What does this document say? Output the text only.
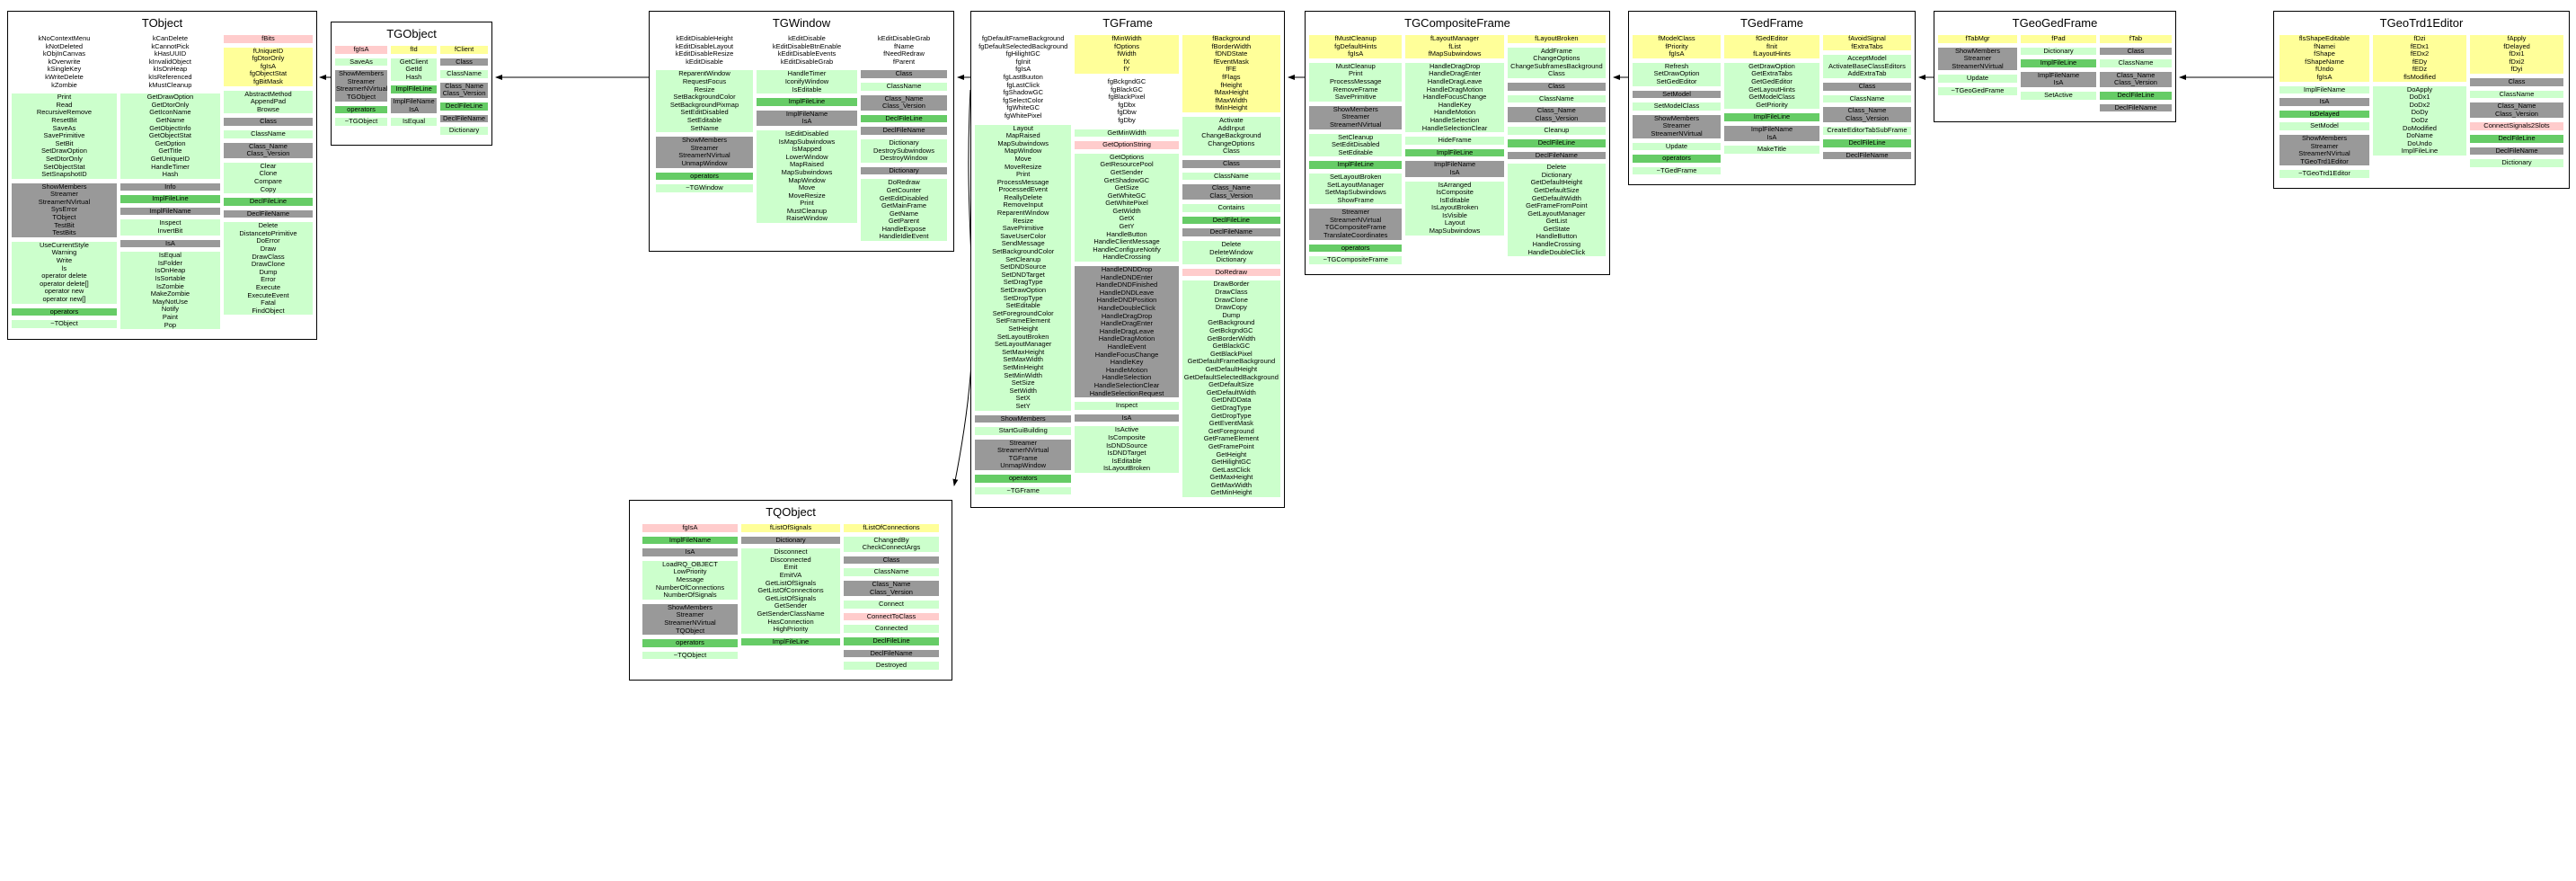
TObject
kNoContextMenu
kNotDeleted
kObjInCanvas
kOverwrite
kSingleKey
kWriteDelete
kZombie
Print
Read
RecursiveRemove
ResetBit
SaveAs
SavePrimitive
SetBit
SetDrawOption
SetDtorOnly
SetObjectStat
SetSnapshotID
ShowMembers
Streamer
StreamerNVirtual
SysError
TObject
TestBit
TestBits
UseCurrentStyle
Warning
Write
ls
operator delete
operator delete[]
operator new
operator new[]
operators
~TObject
kCanDelete
kCannotPick
kHasUUID
kInvalidObject
kIsOnHeap
kIsReferenced
kMustCleanup
GetDrawOption
GetDtorOnly
GetIconName
GetName
GetObjectInfo
GetObjectStat
GetOption
GetTitle
GetUniqueID
HandleTimer
Hash
Info
ImplFileLine
ImplFileName
Inspect
InvertBit
IsA
IsEqual
IsFolder
IsOnHeap
IsSortable
IsZombie
MakeZombie
MayNotUse
Notify
Paint
Pop
fBits
fUniqueID
fgDtorOnly
fgIsA
fgObjectStat
fgBitMask
AbstractMethod
AppendPad
Browse
Class
ClassName
Class_Name
Class_Version
Clear
Clone
Compare
Copy
DeclFileLine
DeclFileName
Delete
DistancetoPrimitive
DoError
Draw
DrawClass
DrawClone
Dump
Error
Execute
ExecuteEvent
Fatal
FindObject
TGObject
fgIsA
SaveAs
ShowMembers
Streamer
StreamerNVirtual
TGObject
operators
~TGObject
fId
GetClient
GetId
Hash
ImplFileLine
ImplFileName
IsA
IsEqual
fClient
Class
ClassName
Class_Name
Class_Version
DeclFileLine
DeclFileName
Dictionary
TGWindow
kEditDisableHeight
kEditDisableLayout
kEditDisableResize
kEditDisable
ReparentWindow
RequestFocus
Resize
SetBackgroundColor
SetBackgroundPixmap
SetEditDisabled
SetEditable
SetName
ShowMembers
Streamer
StreamerNVirtual
UnmapWindow
operators
~TGWindow
kEditDisable
kEditDisableBtnEnable
kEditDisableEvents
kEditDisableGrab
HandleTimer
IconifyWindow
IsEditable
ImplFileLine
ImplFileName
IsA
IsEditDisabled
IsMapSubwindows
IsMapped
LowerWindow
MapRaised
MapSubwindows
MapWindow
Move
MoveResize
Print
MustCleanup
RaiseWindow
kEditDisableGrab
fName
fNeedRedraw
fParent
Class
ClassName
Class_Name
Class_Version
DeclFileLine
DeclFileName
Dictionary
DestroySubwindows
DestroyWindow
Dictionary
DoRedraw
GetCounter
GetEditDisabled
GetMainFrame
GetName
GetParent
HandleExpose
HandleIdleEvent
TQObject
fgIsA
ImplFileName
IsA
LoadRQ_OBJECT
LowPriority
Message
NumberOfConnections
NumberOfSignals
ShowMembers
Streamer
StreamerNVirtual
TQObject
operators
~TQObject
fListOfSignals
Dictionary
Disconnect
Disconnected
Emit
EmitVA
GetListOfSignals
GetListOfConnections
GetListOfSignals
GetSender
GetSenderClassName
HasConnection
HighPriority
ImplFileLine
fListOfConnections
ChangedBy
CheckConnectArgs
Class
ClassName
Class_Name
Class_Version
Connect
ConnectToClass
Connected
DeclFileLine
DeclFileName
Destroyed
TGFrame
fgDefaultFrameBackground
fgDefaultSelectedBackground
fgHilightGC
fgInit
fgIsA
fgLastBuuton
fgLastClick
fgShadowGC
fgSelectColor
fgWhiteGC
fgWhitePixel
Layout
MapRaised
MapSubwindows
MapWindow
Move
MoveResize
Print
ProcessMessage
ProcessedEvent
ReallyDelete
RemoveInput
ReparentWindow
Resize
SavePrimitive
SaveUserColor
SendMessage
SetBackgroundColor
SetCleanup
SetDNDSource
SetDNDTarget
SetDragType
SetDrawOption
SetDropType
SetEditable
SetForegroundColor
SetFrameElement
SetHeight
SetLayoutBroken
SetLayoutManager
SetMaxHeight
SetMaxWidth
SetMinHeight
SetMinWidth
SetSize
SetWidth
SetX
SetY
ShowMembers
StartGuiBuilding
Streamer
StreamerNVirtual
TGFrame
UnmapWindow
operators
~TGFrame
fMinWidth
fOptions
fWidth
fX
fY
fgBckgndGC
fgBlackGC
fgBlackPixel
fgDbx
fgDbw
fgDby
GetMinWidth
GetOptionString
GetOptions
GetResourcePool
GetSender
GetShadowGC
GetSize
GetWhiteGC
GetWhitePixel
GetWidth
GetX
GetY
HandleButton
HandleClientMessage
HandleConfigureNotify
HandleCrossing
HandleDNDDrop
HandleDNDEnter
HandleDNDFinished
HandleDNDLeave
HandleDNDPosition
HandleDoubleClick
HandleDragDrop
HandleDragEnter
HandleDragLeave
HandleDragMotion
HandleEvent
HandleFocusChange
HandleKey
HandleMotion
HandleSelection
HandleSelectionClear
HandleSelectionRequest
Inspect
IsA
IsActive
IsComposite
IsDNDSource
IsDNDTarget
IsEditable
IsLayoutBroken
fBackground
fBorderWidth
fDNDState
fEventMask
fFE
fFlags
fHeight
fMaxHeight
fMaxWidth
fMinHeight
Activate
AddInput
ChangeBackground
ChangeOptions
Class
Class
ClassName
Class_Name
Class_Version
Contains
DeclFileLine
DeclFileName
Delete
DeleteWindow
Dictionary
DoRedraw
DrawBorder
DrawClass
DrawClone
DrawCopy
Dump
GetBackground
GetBckgndGC
GetBorderWidth
GetBlackGC
GetBlackPixel
GetDefaultFrameBackground
GetDefaultHeight
GetDefaultSelectedBackground
GetDefaultSize
GetDefaultWidth
GetDNDData
GetDragType
GetDropType
GetEventMask
GetForeground
GetFrameElement
GetFramePoint
GetHeight
GetHilightGC
GetLastClick
GetMaxHeight
GetMaxWidth
GetMinHeight
TGCompositeFrame
fMustCleanup
fgDefaultHints
fgIsA
MustCleanup
Print
ProcessMessage
RemoveFrame
SavePrimitive
ShowMembers
Streamer
StreamerNVirtual
SetCleanup
SetEditDisabled
SetEditable
ImplFileLine
SetLayoutBroken
SetLayoutManager
SetMapSubwindows
ShowFrame
Streamer
StreamerNVirtual
TGCompositeFrame
TranslateCoordinates
operators
~TGCompositeFrame
fLayoutManager
fList
fMapSubwindows
HandleDragDrop
HandleDragEnter
HandleDragLeave
HandleDragMotion
HandleFocusChange
HandleKey
HandleMotion
HandleSelection
HandleSelectionClear
HideFrame
ImplFileLine
ImplFileName
IsA
IsArranged
IsComposite
IsEditable
IsLayoutBroken
IsVisible
Layout
MapSubwindows
fLayoutBroken
AddFrame
ChangeOptions
ChangeSubframesBackground
Class
Class
ClassName
Class_Name
Class_Version
Cleanup
DeclFileLine
DeclFileName
Delete
Dictionary
GetDefaultHeight
GetDefaultSize
GetDefaultWidth
GetFrameFromPoint
GetLayoutManager
GetList
GetState
HandleButton
HandleCrossing
HandleDoubleClick
TGedFrame
fModelClass
fPriority
fgIsA
Refresh
SetDrawOption
SetGedEditor
SetModel
SetModelClass
ShowMembers
Streamer
StreamerNVirtual
Update
operators
~TGedFrame
fGedEditor
fInit
fLayoutHints
GetDrawOption
GetExtraTabs
GetGedEditor
GetLayoutHints
GetModelClass
GetPriority
ImplFileLine
ImplFileName
IsA
MakeTitle
fAvoidSignal
fExtraTabs
AcceptModel
ActivateBaseClassEditors
AddExtraTab
Class
ClassName
Class_Name
Class_Version
CreateEditorTabSubFrame
DeclFileLine
DeclFileName
TGeoGedFrame
fTabMgr
ShowMembers
Streamer
StreamerNVirtual
Update
~TGeoGedFrame
fPad
Dictionary
ImplFileLine
ImplFileName
IsA
SetActive
fTab
Class
ClassName
Class_Name
Class_Version
DeclFileLine
DeclFileName
TGeoTrd1Editor
flsShapeEditable
fNamei
fShape
fShapeName
fUndo
fgIsA
ImplFileName
IsA
IsDelayed
SetModel
ShowMembers
Streamer
StreamerNVirtual
TGeoTrd1Editor
~TGeoTrd1Editor
fDzi
fEDx1
fEDx2
fEDy
fEDz
flsModified
DoApply
DoDx1
DoDx2
DoDy
DoDz
DoModified
DoName
DoUndo
ImplFileLine
fApply
fDelayed
fDxi1
fDxi2
fDyi
Class
ClassName
Class_Name
Class_Version
ConnectSignals2Slots
DeclFileLine
DeclFileName
Dictionary
